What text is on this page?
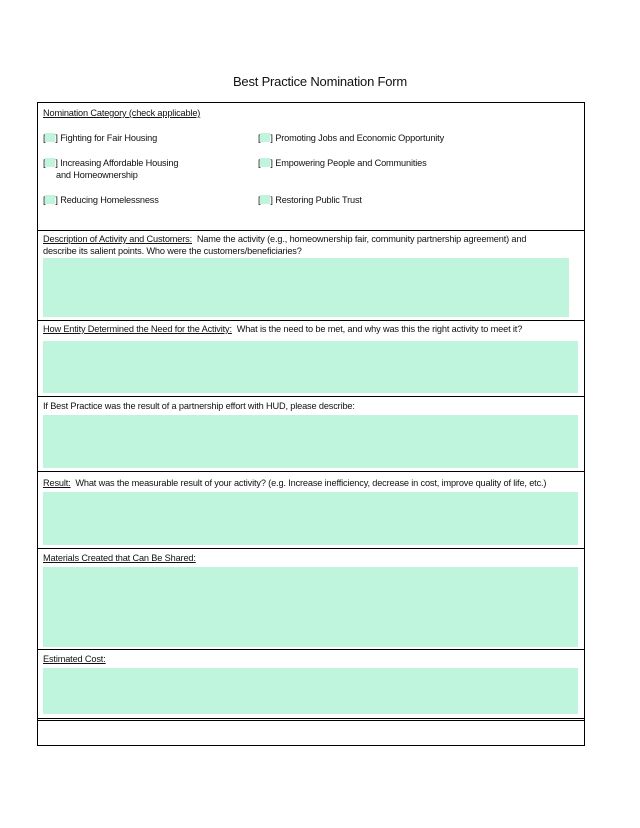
Best Practice Nomination Form
Nomination Category (check applicable)
[ ] Fighting for Fair Housing	[ ] Promoting Jobs and Economic Opportunity
[ ] Increasing Affordable Housing
and Homeownership
[ ] Empowering People and Communities
[ ] Reducing Homelessness	[ ] Restoring Public Trust
Description of Activity and Customers: Name the activity (e.g., homeownership fair, community partnership agreement) and
describe its salient points. Who were the customers/beneficiaries?
How Entity Determined the Need for the Activity: What is the need to be met, and why was this the right activity to meet it?
If Best Practice was the result of a partnership effort with HUD, please describe:
Result: What was the measurable result of your activity? (e.g. Increase inefficiency, decrease in cost, improve quality of life, etc.)
Materials Created that Can Be Shared:
Estimated Cost:
